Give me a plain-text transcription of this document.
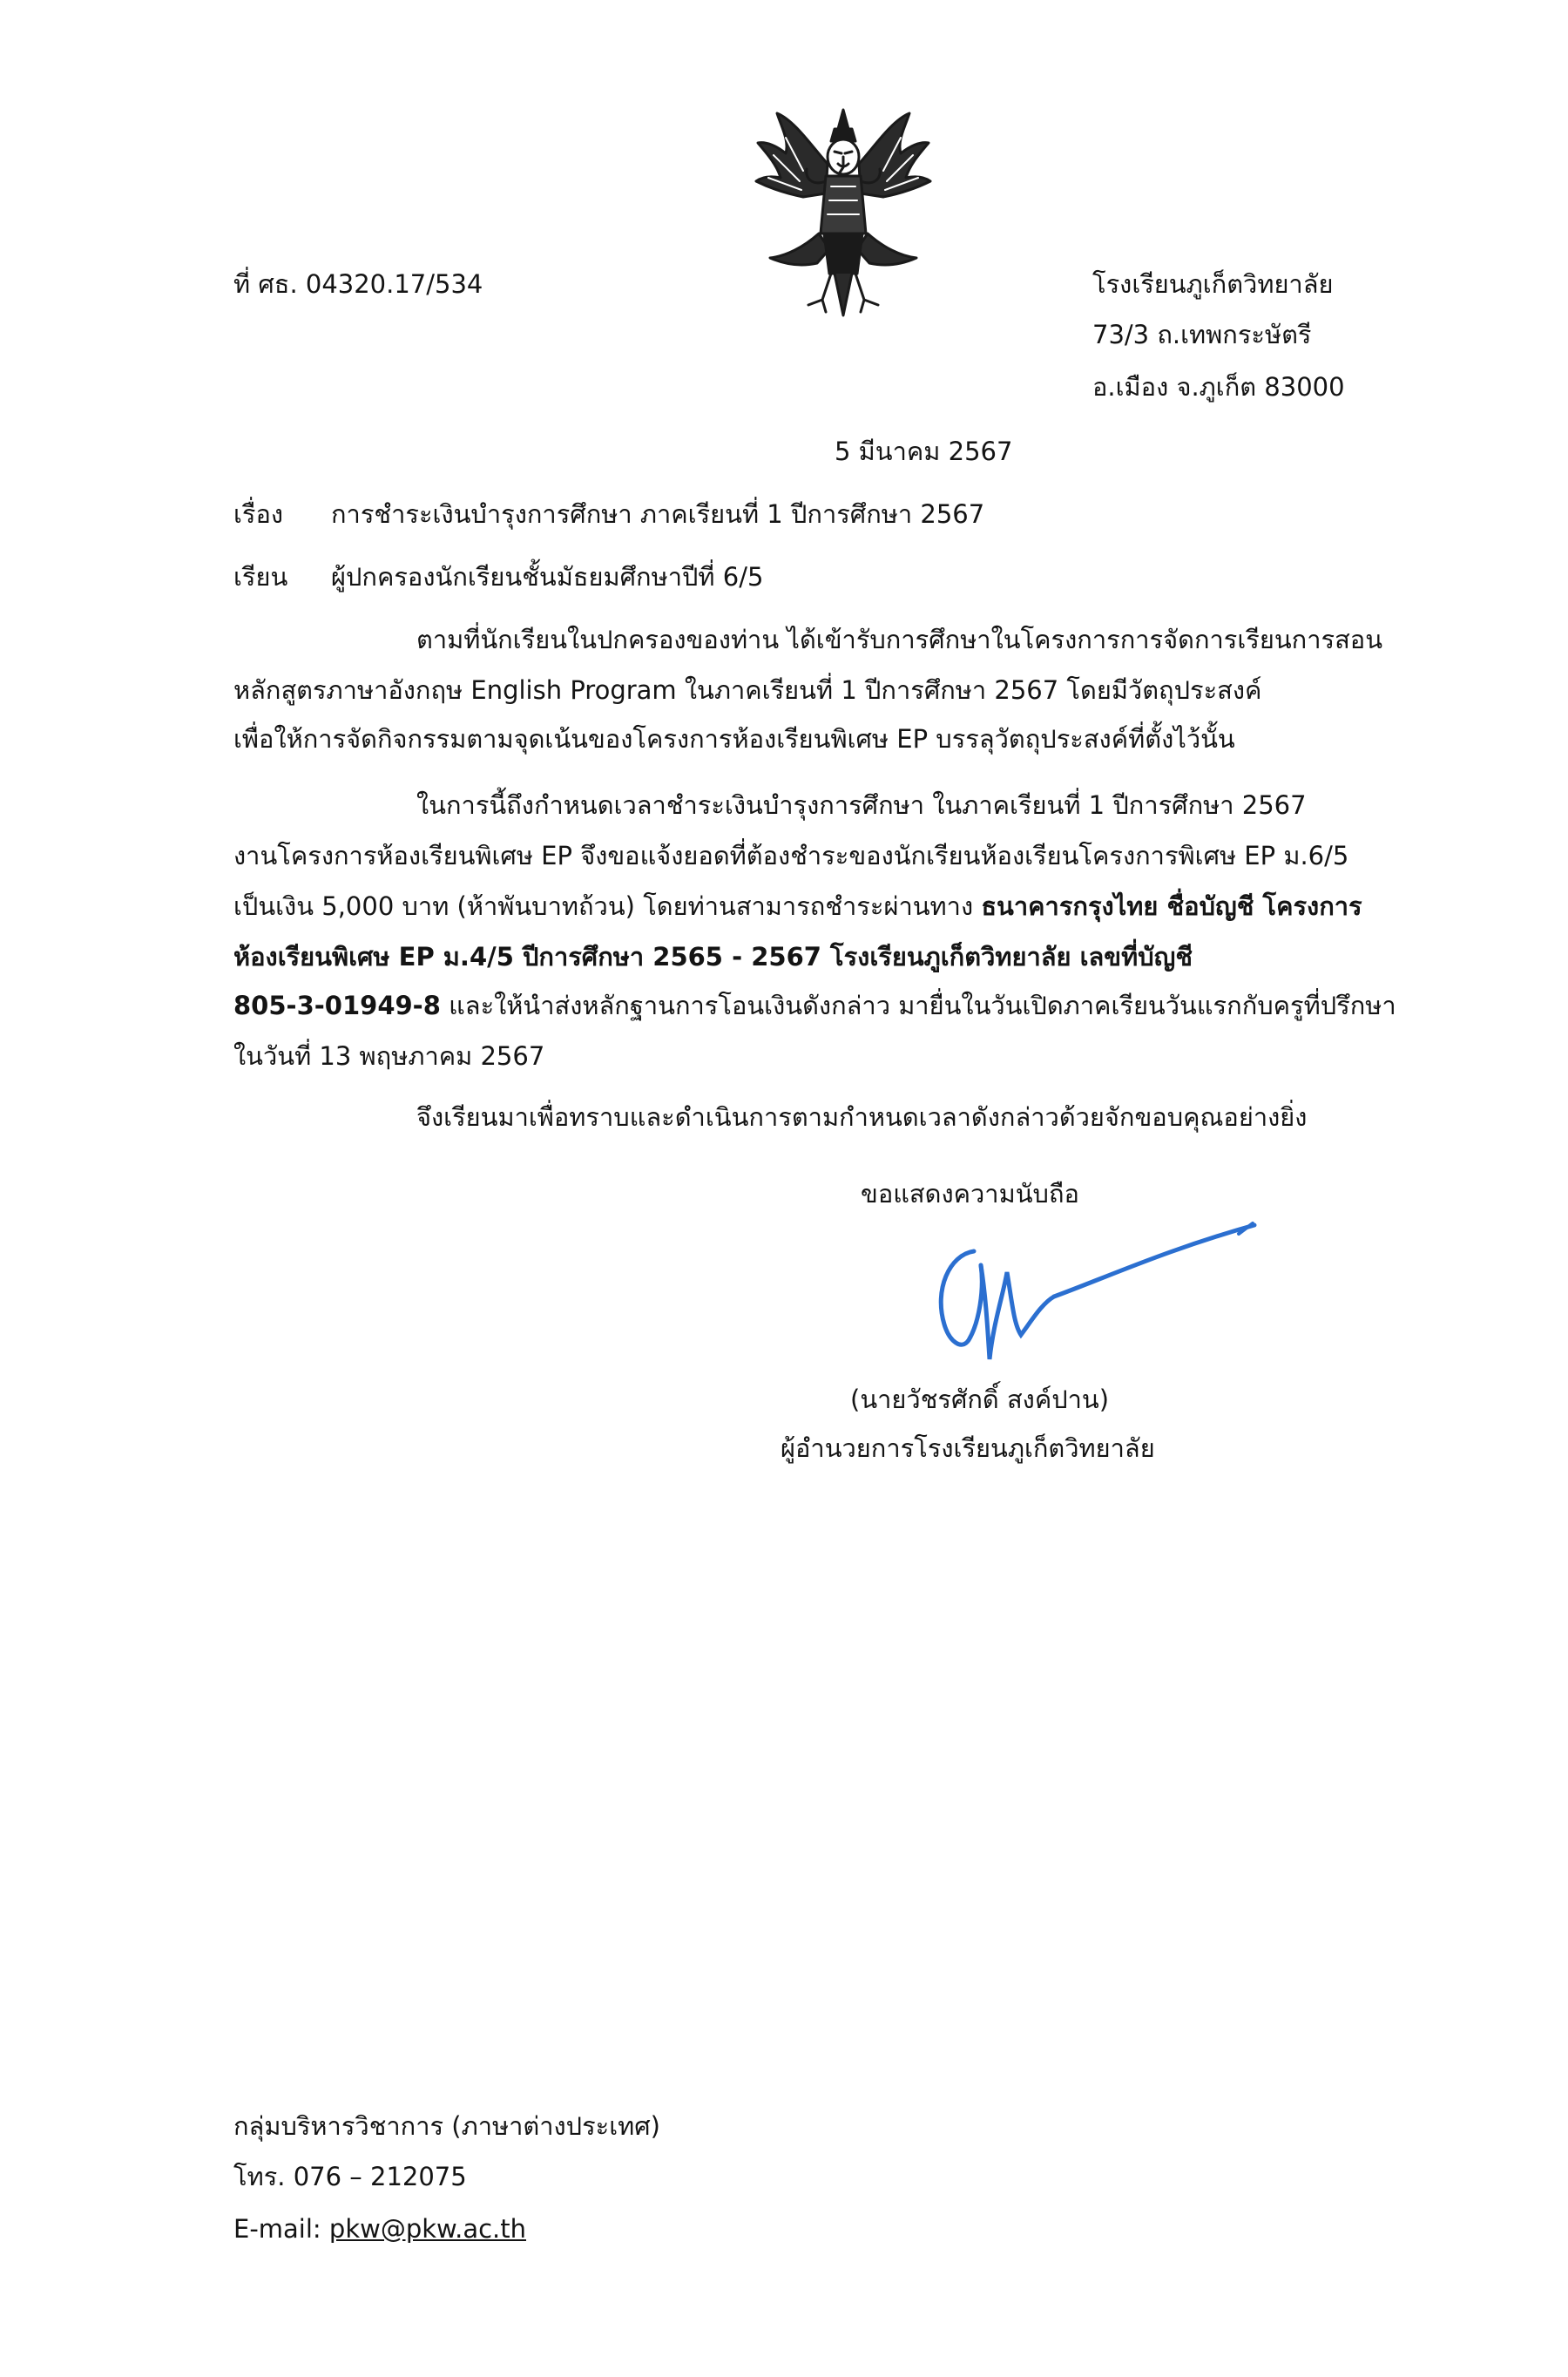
ที่ ศธ. 04320.17/534	โรงเรียนภูเก็ตวิทยาลัย
73/3 ถ.เทพกระษัตรี
อ.เมือง จ.ภูเก็ต 83000
5 มีนาคม 2567
เรื่อง การชำระเงินบำรุงการศึกษา ภาคเรียนที่ 1 ปีการศึกษา 2567
เรียน ผู้ปกครองนักเรียนชั้นมัธยมศึกษาปีที่ 6/5
ตามที่นักเรียนในปกครองของท่าน ได้เข้ารับการศึกษาในโครงการการจัดการเรียนการสอน
หลักสูตรภาษาอังกฤษ English Program ในภาคเรียนที่ 1 ปีการศึกษา 2567 โดยมีวัตถุประสงค์
เพื่อให้การจัดกิจกรรมตามจุดเน้นของโครงการห้องเรียนพิเศษ EP บรรลุวัตถุประสงค์ที่ตั้งไว้นั้น
ในการนี้ถึงกำหนดเวลาชำระเงินบำรุงการศึกษา ในภาคเรียนที่ 1 ปีการศึกษา 2567
งานโครงการห้องเรียนพิเศษ EP จึงขอแจ้งยอดที่ต้องชำระของนักเรียนห้องเรียนโครงการพิเศษ EP ม.6/5
เป็นเงิน 5,000 บาท (ห้าพันบาทถ้วน) โดยท่านสามารถชำระผ่านทาง ธนาคารกรุงไทย ชื่อบัญชี โครงการ
ห้องเรียนพิเศษ EP ม.4/5 ปีการศึกษา 2565 - 2567 โรงเรียนภูเก็ตวิทยาลัย เลขที่บัญชี
805-3-01949-8 และให้นำส่งหลักฐานการโอนเงินดังกล่าว มายื่นในวันเปิดภาคเรียนวันแรกกับครูที่ปรึกษา
ในวันที่ 13 พฤษภาคม 2567
จึงเรียนมาเพื่อทราบและดำเนินการตามกำหนดเวลาดังกล่าวด้วยจักขอบคุณอย่างยิ่ง
ขอแสดงความนับถือ
(นายวัชรศักดิ์ สงค์ปาน)
ผู้อำนวยการโรงเรียนภูเก็ตวิทยาลัย
กลุ่มบริหารวิชาการ (ภาษาต่างประเทศ)
โทร. 076 – 212075
E-mail: pkw@pkw.ac.th
